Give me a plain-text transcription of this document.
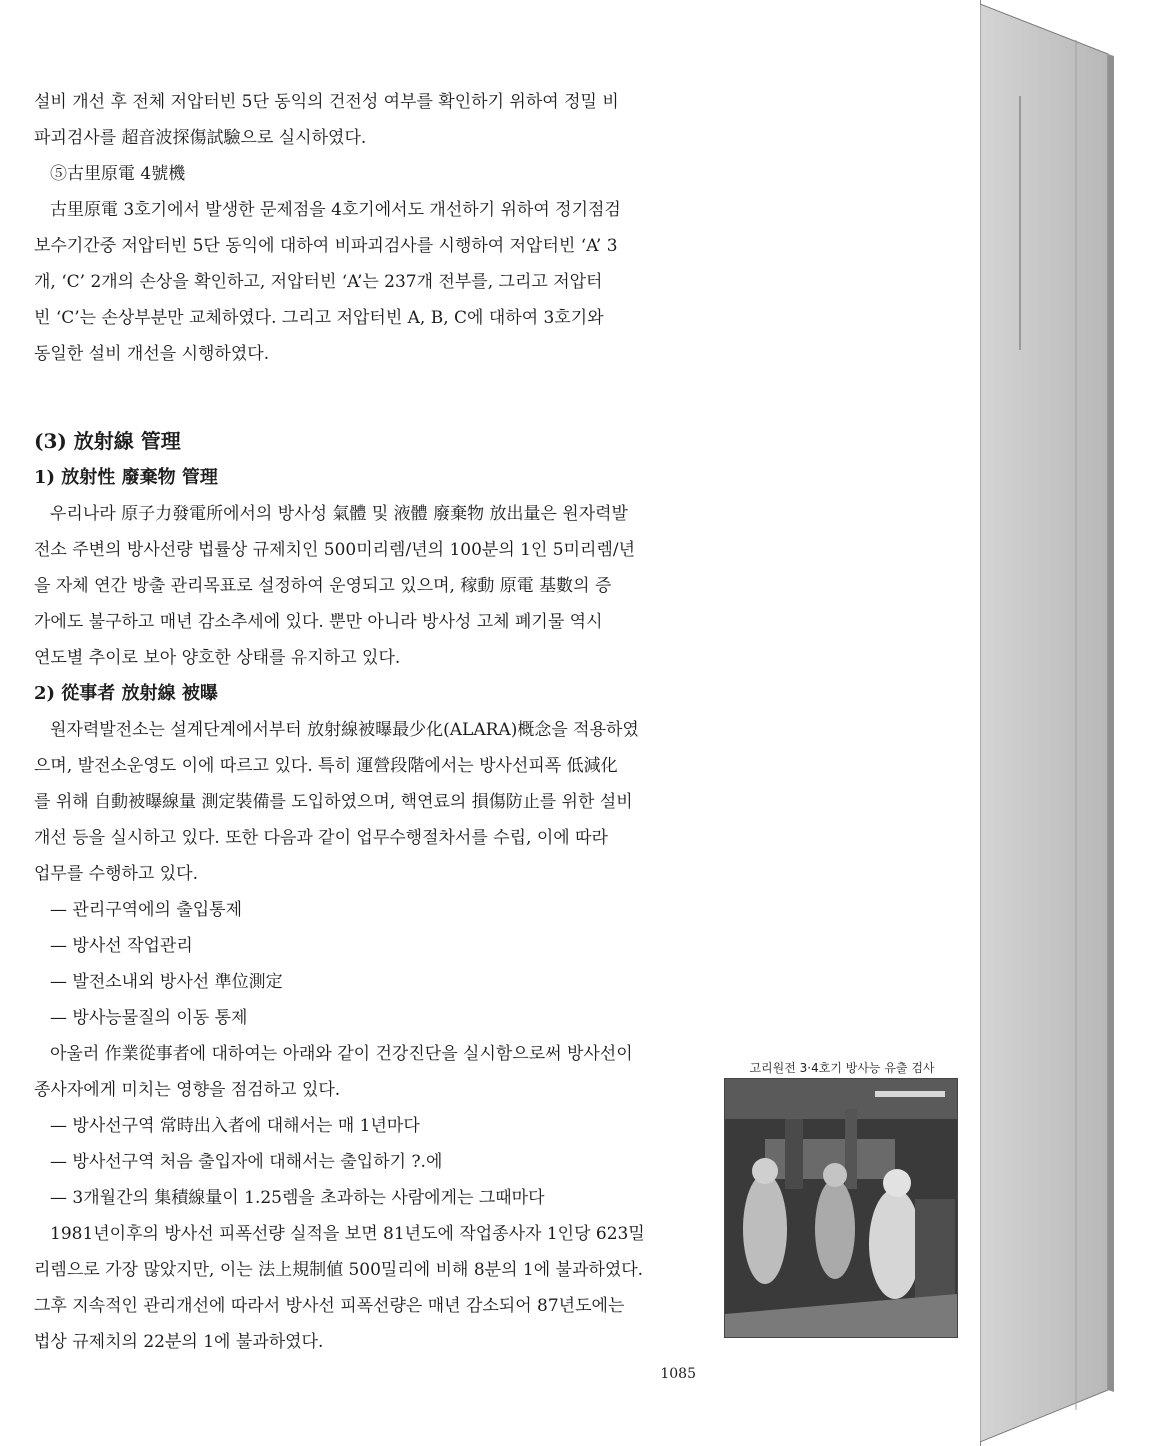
설비 개선 후 전체 저압터빈 5단 동익의 건전성 여부를 확인하기 위하여 정밀 비

파괴검사를 超音波探傷試驗으로 실시하였다.

⑤古里原電 4號機

古里原電 3호기에서 발생한 문제점을 4호기에서도 개선하기 위하여 정기점검

보수기간중 저압터빈 5단 동익에 대하여 비파괴검사를 시행하여 저압터빈 ‘A’ 3

개, ‘C’ 2개의 손상을 확인하고, 저압터빈 ‘A’는 237개 전부를, 그리고 저압터

빈 ‘C’는 손상부분만 교체하였다. 그리고 저압터빈 A, B, C에 대하여 3호기와

동일한 설비 개선을 시행하였다.

(3) 放射線 管理

1) 放射性 廢棄物 管理

우리나라 原子力發電所에서의 방사성 氣體 및 液體 廢棄物 放出量은 원자력발

전소 주변의 방사선량 법률상 규제치인 500미리렘/년의 100분의 1인 5미리렘/년

을 자체 연간 방출 관리목표로 설정하여 운영되고 있으며, 稼動 原電 基數의 증

가에도 불구하고 매년 감소추세에 있다. 뿐만 아니라 방사성 고체 폐기물 역시

연도별 추이로 보아 양호한 상태를 유지하고 있다.

2) 從事者 放射線 被曝

원자력발전소는 설계단계에서부터 放射線被曝最少化(ALARA)概念을 적용하였

으며, 발전소운영도 이에 따르고 있다. 특히 運營段階에서는 방사선피폭 低減化

를 위해 自動被曝線量 測定裝備를 도입하였으며, 핵연료의 損傷防止를 위한 설비

개선 등을 실시하고 있다. 또한 다음과 같이 업무수행절차서를 수립, 이에 따라

업무를 수행하고 있다.

— 관리구역에의 출입통제

— 방사선 작업관리

— 발전소내외 방사선 準位測定

— 방사능물질의 이동 통제

아울러 作業從事者에 대하여는 아래와 같이 건강진단을 실시함으로써 방사선이

종사자에게 미치는 영향을 점검하고 있다.

— 방사선구역 常時出入者에 대해서는 매 1년마다

— 방사선구역 처음 출입자에 대해서는 출입하기 ?.에

— 3개월간의 集積線量이 1.25렘을 초과하는 사람에게는 그때마다

1981년이후의 방사선 피폭선량 실적을 보면 81년도에 작업종사자 1인당 623밀

리렘으로 가장 많았지만, 이는 法上規制値 500밀리에 비해 8분의 1에 불과하였다.

그후 지속적인 관리개선에 따라서 방사선 피폭선량은 매년 감소되어 87년도에는

법상 규제치의 22분의 1에 불과하였다.

고리원전 3·4호기 방사능 유출 검사
1085
